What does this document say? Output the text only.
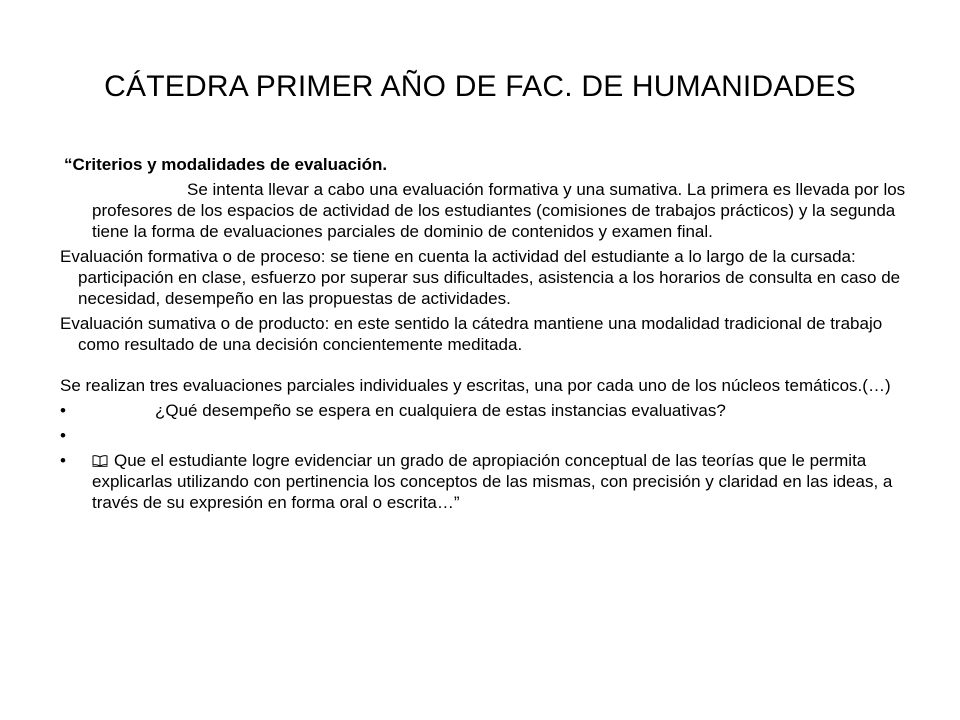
CÁTEDRA PRIMER AÑO DE FAC. DE HUMANIDADES

“Criterios y modalidades de evaluación.

Se intenta llevar a cabo una evaluación formativa y una sumativa. La primera es llevada por los profesores de los espacios de actividad de los estudiantes (comisiones de trabajos prácticos) y la segunda tiene la forma de evaluaciones parciales de dominio de contenidos y examen final.

Evaluación formativa o de proceso: se tiene en cuenta la actividad del estudiante a lo largo de la cursada: participación en clase, esfuerzo por superar sus dificultades, asistencia a los horarios de consulta en caso de necesidad, desempeño en las propuestas de actividades.

Evaluación sumativa o de producto: en este sentido la cátedra mantiene una modalidad tradicional de trabajo como resultado de una decisión concientemente meditada.

Se realizan tres evaluaciones parciales individuales y escritas, una por cada uno de los núcleos temáticos.(…)

•	¿Qué desempeño se espera en cualquiera de estas instancias evaluativas?
•
•	Que el estudiante logre evidenciar un grado de apropiación conceptual de las teorías que le permita explicarlas utilizando con pertinencia los conceptos de las mismas, con precisión y claridad en las ideas, a través de su expresión en forma oral o escrita…”
